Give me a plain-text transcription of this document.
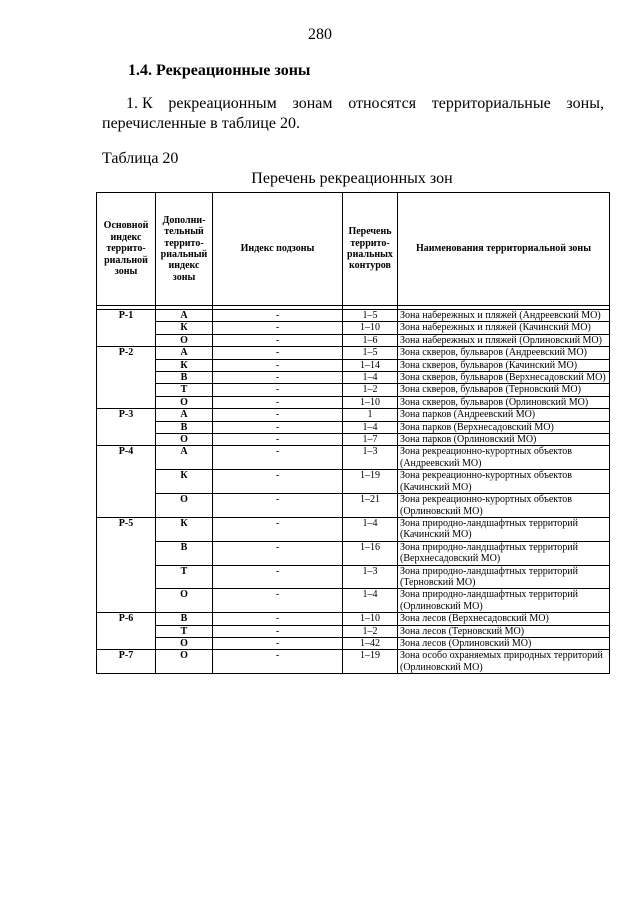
280
1.4. Рекреационные зоны
1. К рекреационным зонам относятся территориальные зоны,
перечисленные в таблице 20.
Таблица 20
Перечень рекреационных зон
Основной индекс террито-риальной зоны	Дополни-тельный террито-риальный индекс зоны	Индекс подзоны	Перечень террито-риальных контуров	Наименования территориальной зоны

Р-1	А	-	1–5	Зона набережных и пляжей (Андреевский МО)
	К	-	1–10	Зона набережных и пляжей (Качинский МО)
	О	-	1–6	Зона набережных и пляжей (Орлиновский МО)
Р-2	А	-	1–5	Зона скверов, бульваров (Андреевский МО)
	К	-	1–14	Зона скверов, бульваров (Качинский МО)
	В	-	1–4	Зона скверов, бульваров (Верхнесадовский МО)
	Т	-	1–2	Зона скверов, бульваров (Терновский МО)
	О	-	1–10	Зона скверов, бульваров (Орлиновский МО)
Р-3	А	-	1	Зона парков (Андреевский МО)
	В	-	1–4	Зона парков (Верхнесадовский МО)
	О	-	1–7	Зона парков (Орлиновский МО)
Р-4	А	-	1–3	Зона рекреационно-курортных объектов (Андреевский МО)
	К	-	1–19	Зона рекреационно-курортных объектов (Качинский МО)
	О	-	1–21	Зона рекреационно-курортных объектов (Орлиновский МО)
Р-5	К	-	1–4	Зона природно-ландшафтных территорий (Качинский МО)
	В	-	1–16	Зона природно-ландшафтных территорий (Верхнесадовский МО)
	Т	-	1–3	Зона природно-ландшафтных территорий (Терновский МО)
	О	-	1–4	Зона природно-ландшафтных территорий (Орлиновский МО)
Р-6	В	-	1–10	Зона лесов (Верхнесадовский МО)
	Т	-	1–2	Зона лесов (Терновский МО)
	О	-	1–42	Зона лесов (Орлиновский МО)
Р-7	О	-	1–19	Зона особо охраняемых природных территорий (Орлиновский МО)
